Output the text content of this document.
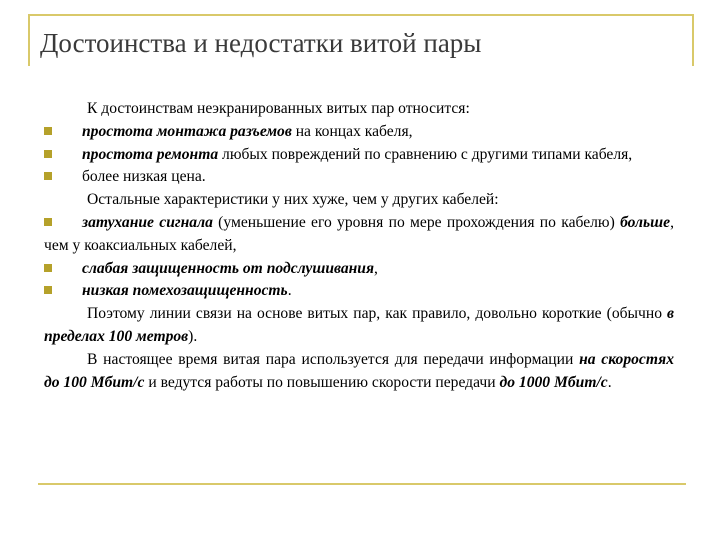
Достоинства и недостатки витой пары

К достоинствам неэкранированных витых пар относится:

простота монтажа разъемов на концах кабеля,

простота ремонта любых повреждений по сравнению с другими типами кабеля,

более низкая цена.

Остальные характеристики у них хуже, чем у других кабелей:

затухание сигнала (уменьшение его уровня по мере прохождения по кабелю) больше, чем у коаксиальных кабелей,

слабая защищенность от подслушивания,

низкая помехозащищенность.

Поэтому линии связи на основе витых пар, как правило, довольно короткие (обычно в пределах 100 метров).

В настоящее время витая пара используется для передачи информации на скоростях до 100 Мбит/с и ведутся работы по повышению скорости передачи до 1000 Мбит/с.
